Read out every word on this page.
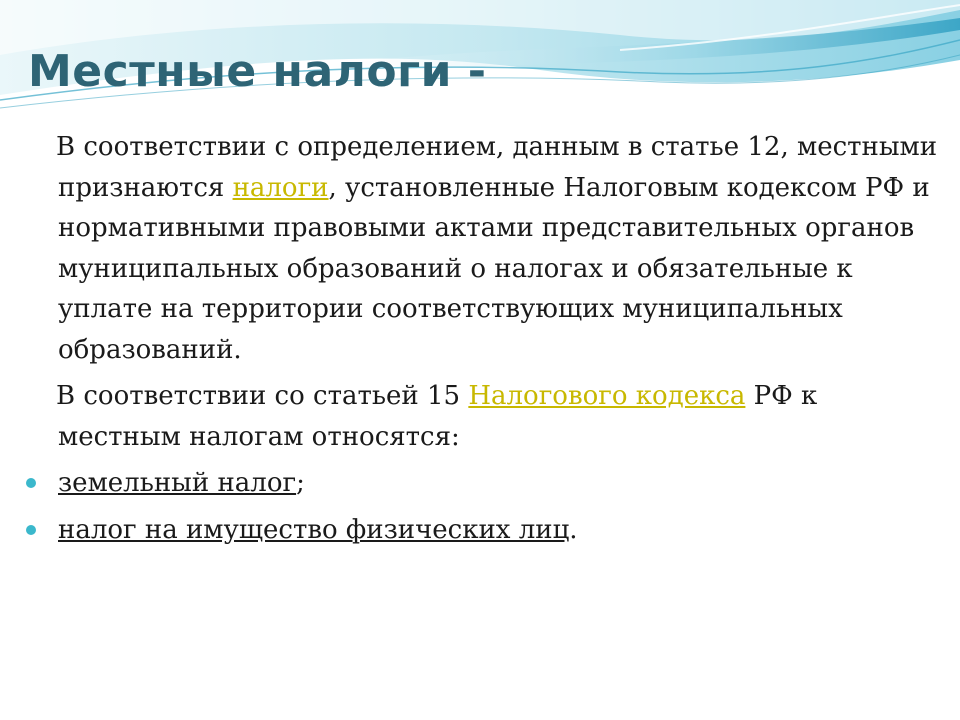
Местные налоги -

В соответствии с определением, данным в статье 12, местными признаются налоги, установленные Налоговым кодексом РФ и нормативными правовыми актами представительных органов муниципальных образований о налогах и обязательные к уплате на территории соответствующих муниципальных образований.

В соответствии со статьей 15 Налогового кодекса РФ к местным налогам относятся:

земельный налог;
налог на имущество физических лиц.
